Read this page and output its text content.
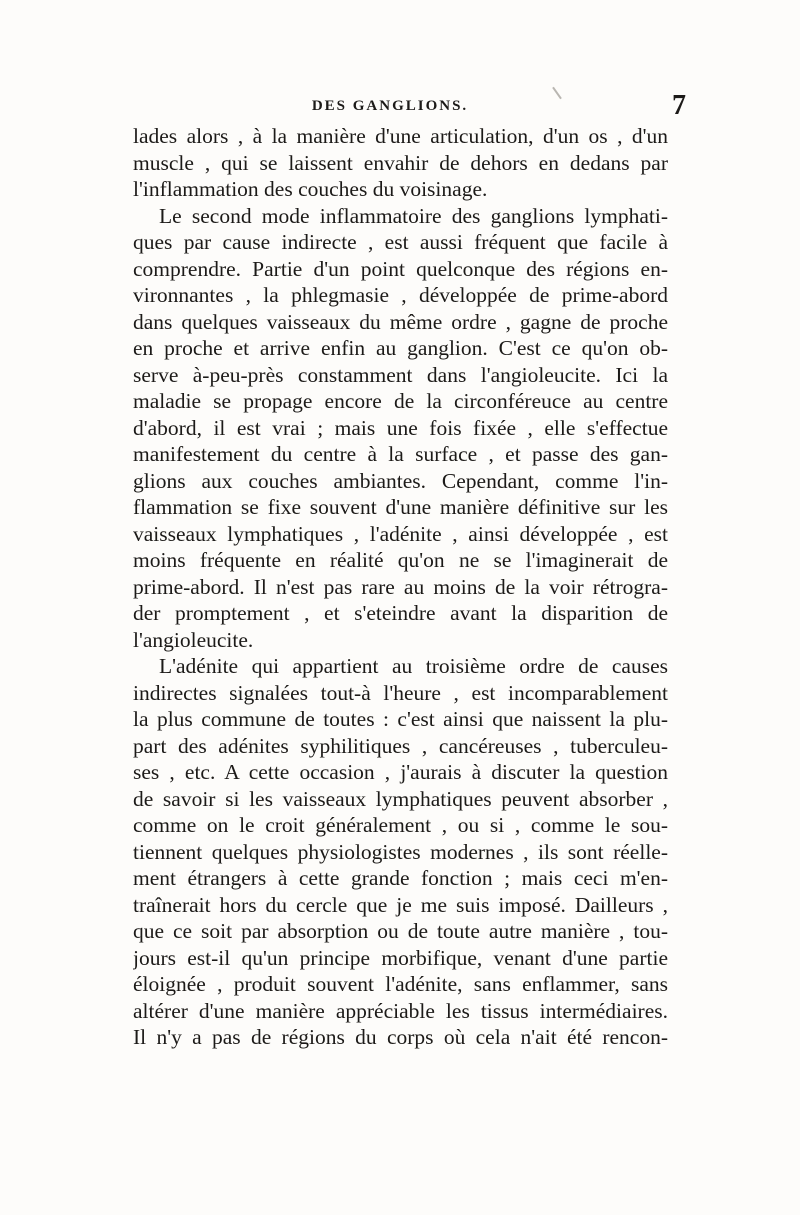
DES GANGLIONS.	7
lades alors , à la manière d'une articulation, d'un os , d'un
muscle , qui se laissent envahir de dehors en dedans par
l'inflammation des couches du voisinage.
Le second mode inflammatoire des ganglions lymphati-
ques par cause indirecte , est aussi fréquent que facile à
comprendre. Partie d'un point quelconque des régions en-
vironnantes , la phlegmasie , développée de prime-abord
dans quelques vaisseaux du même ordre , gagne de proche
en proche et arrive enfin au ganglion. C'est ce qu'on ob-
serve à-peu-près constamment dans l'angioleucite. Ici la
maladie se propage encore de la circonféreuce au centre
d'abord, il est vrai ; mais une fois fixée , elle s'effectue
manifestement du centre à la surface , et passe des gan-
glions aux couches ambiantes. Cependant, comme l'in-
flammation se fixe souvent d'une manière définitive sur les
vaisseaux lymphatiques , l'adénite , ainsi développée , est
moins fréquente en réalité qu'on ne se l'imaginerait de
prime-abord. Il n'est pas rare au moins de la voir rétrogra-
der promptement , et s'eteindre avant la disparition de
l'angioleucite.
L'adénite qui appartient au troisième ordre de causes
indirectes signalées tout-à l'heure , est incomparablement
la plus commune de toutes : c'est ainsi que naissent la plu-
part des adénites syphilitiques , cancéreuses , tuberculeu-
ses , etc. A cette occasion , j'aurais à discuter la question
de savoir si les vaisseaux lymphatiques peuvent absorber ,
comme on le croit généralement , ou si , comme le sou-
tiennent quelques physiologistes modernes , ils sont réelle-
ment étrangers à cette grande fonction ; mais ceci m'en-
traînerait hors du cercle que je me suis imposé. Dailleurs ,
que ce soit par absorption ou de toute autre manière , tou-
jours est-il qu'un principe morbifique, venant d'une partie
éloignée , produit souvent l'adénite, sans enflammer, sans
altérer d'une manière appréciable les tissus intermédiaires.
Il n'y a pas de régions du corps où cela n'ait été rencon-
